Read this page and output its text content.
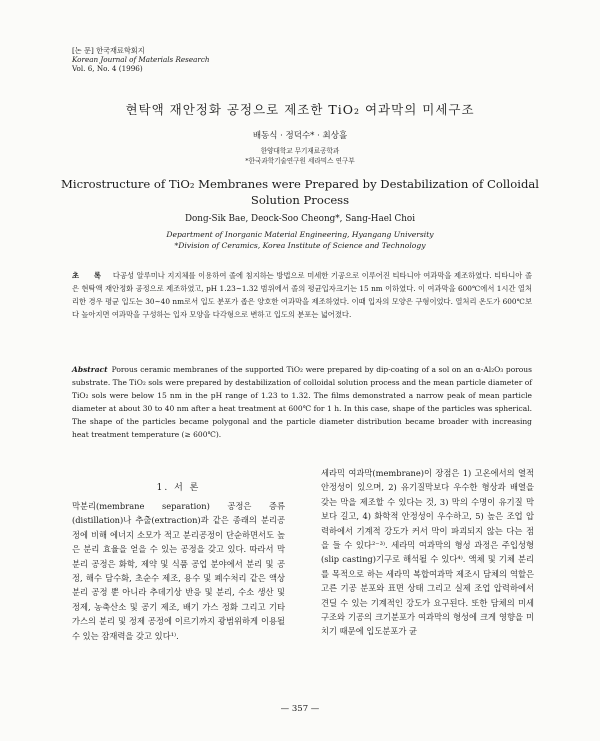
[논 문] 한국재료학회지
Korean Journal of Materials Research
Vol. 6, No. 4 (1996)
현탁액 재안정화 공정으로 제조한 TiO₂ 여과막의 미세구조
배동식 · 정덕수* · 최상흘
한양대학교 무기재료공학과
*한국과학기술연구원 세라믹스 연구부
Microstructure of TiO₂ Membranes were Prepared by Destabilization of Colloidal Solution Process
Dong-Sik Bae, Deock-Soo Cheong*, Sang-Hael Choi
Department of Inorganic Material Engineering, Hyangang University
*Division of Ceramics, Korea Institute of Science and Technology
초 록 다공성 알루미나 지지체를 이용하여 졸에 침지하는 방법으로 미세한 기공으로 이루어진 티타니아 여과막을 제조하였다. 티타니아 졸은 현탁액 재안정화 공정으로 제조하였고, pH 1.23~1.32 범위에서 졸의 평균입자크기는 15 nm 이하였다. 이 여과막을 600℃에서 1시간 열처리한 경우 평균 입도는 30~40 nm로서 입도 분포가 좁은 양호한 여과막을 제조하였다. 이때 입자의 모양은 구형이었다. 열처리 온도가 600℃보다 높아지면 여과막을 구성하는 입자 모양을 다각형으로 변하고 입도의 분포는 넓어졌다.
Abstract Porous ceramic membranes of the supported TiO₂ were prepared by dip-coating of a sol on an α-Al₂O₃ porous substrate. The TiO₂ sols were prepared by destabilization of colloidal solution process and the mean particle diameter of TiO₂ sols were below 15 nm in the pH range of 1.23 to 1.32. The films demonstrated a narrow peak of mean particle diameter at about 30 to 40 nm after a heat treatment at 600℃ for 1 h. In this case, shape of the particles was spherical. The shape of the particles became polygonal and the particle diameter distribution became broader with increasing heat treatment temperature (≥ 600℃).
1. 서 론
막분리(membrane separation) 공정은 증류(distillation)나 추출(extraction)과 같은 종래의 분리공정에 비해 에너지 소모가 적고 분리공정이 단순하면서도 높은 분리 효율을 얻을 수 있는 공정을 갖고 있다. 따라서 막분리 공정은 화학, 제약 및 식품 공업 분야에서 분리 및 공정, 해수 담수화, 초순수 제조, 용수 및 폐수처리 같은 액상분리 공정 뿐 아니라 추데기상 반응 및 분리, 수소 생산 및 정제, 농축산소 및 공기 제조, 배기 가스 정화 그리고 기타 가스의 분리 및 정제 공정에 이르기까지 광범위하게 이용될 수 있는 잠재력을 갖고 있다¹⁾.
세라믹 여과막(membrane)이 장점은 1) 고온에서의 열적 안정성이 있으며, 2) 유기질막보다 우수한 형상과 배열을 갖는 막을 제조할 수 있다는 것, 3) 막의 수명이 유기질 막보다 길고, 4) 화학적 안정성이 우수하고, 5) 높은 조업 압력하에서 기계적 강도가 커서 막이 파괴되지 않는 다는 점을 들 수 있다²⁻³⁾. 세라믹 여과막의 형성 과정은 주입성형(slip casting)기구로 해석될 수 있다⁴⁾. 액체 및 기체 분리를 목적으로 하는 세라믹 복합여과막 제조시 담체의 역할은 고른 기공 분포와 표면 상태 그리고 실제 조업 압력하에서 견딜 수 있는 기계적인 강도가 요구된다. 또한 담체의 미세구조와 기공의 크기분포가 여과막의 형성에 크게 영향을 미치기 때문에 입도분포가 균
— 357 —
